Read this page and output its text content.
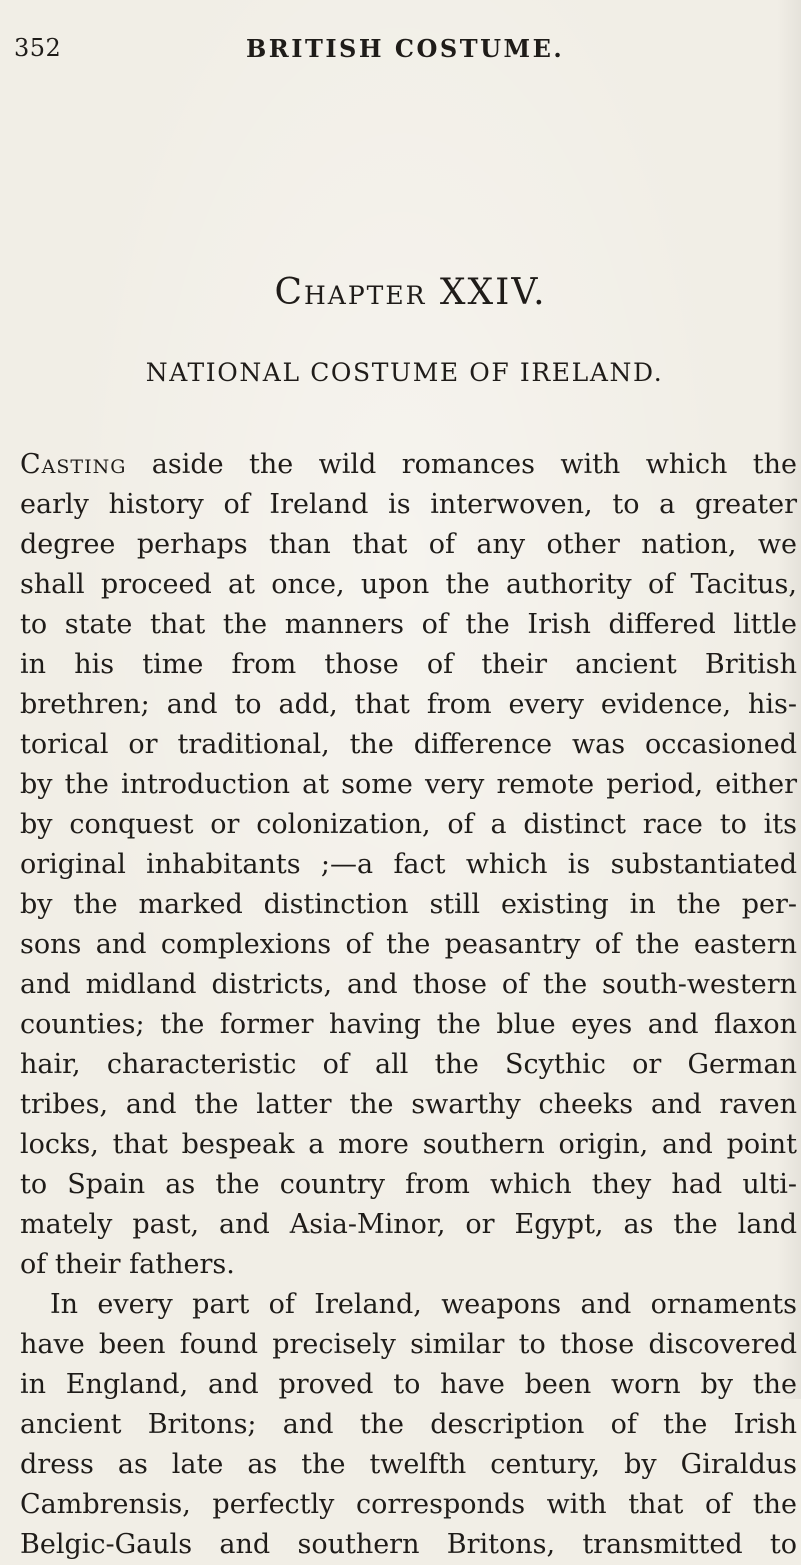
352	BRITISH COSTUME.
Chapter XXIV.
NATIONAL COSTUME OF IRELAND.
Casting aside the wild romances with which the
early history of Ireland is interwoven, to a greater
degree perhaps than that of any other nation, we
shall proceed at once, upon the authority of Tacitus,
to state that the manners of the Irish differed little
in his time from those of their ancient British
brethren; and to add, that from every evidence, his-
torical or traditional, the difference was occasioned
by the introduction at some very remote period, either
by conquest or colonization, of a distinct race to its
original inhabitants ;—a fact which is substantiated
by the marked distinction still existing in the per-
sons and complexions of the peasantry of the eastern
and midland districts, and those of the south-western
counties; the former having the blue eyes and flaxon
hair, characteristic of all the Scythic or German
tribes, and the latter the swarthy cheeks and raven
locks, that bespeak a more southern origin, and point
to Spain as the country from which they had ulti-
mately past, and Asia-Minor, or Egypt, as the land
of their fathers.
In every part of Ireland, weapons and ornaments
have been found precisely similar to those discovered
in England, and proved to have been worn by the
ancient Britons; and the description of the Irish
dress as late as the twelfth century, by Giraldus
Cambrensis, perfectly corresponds with that of the
Belgic-Gauls and southern Britons, transmitted to
